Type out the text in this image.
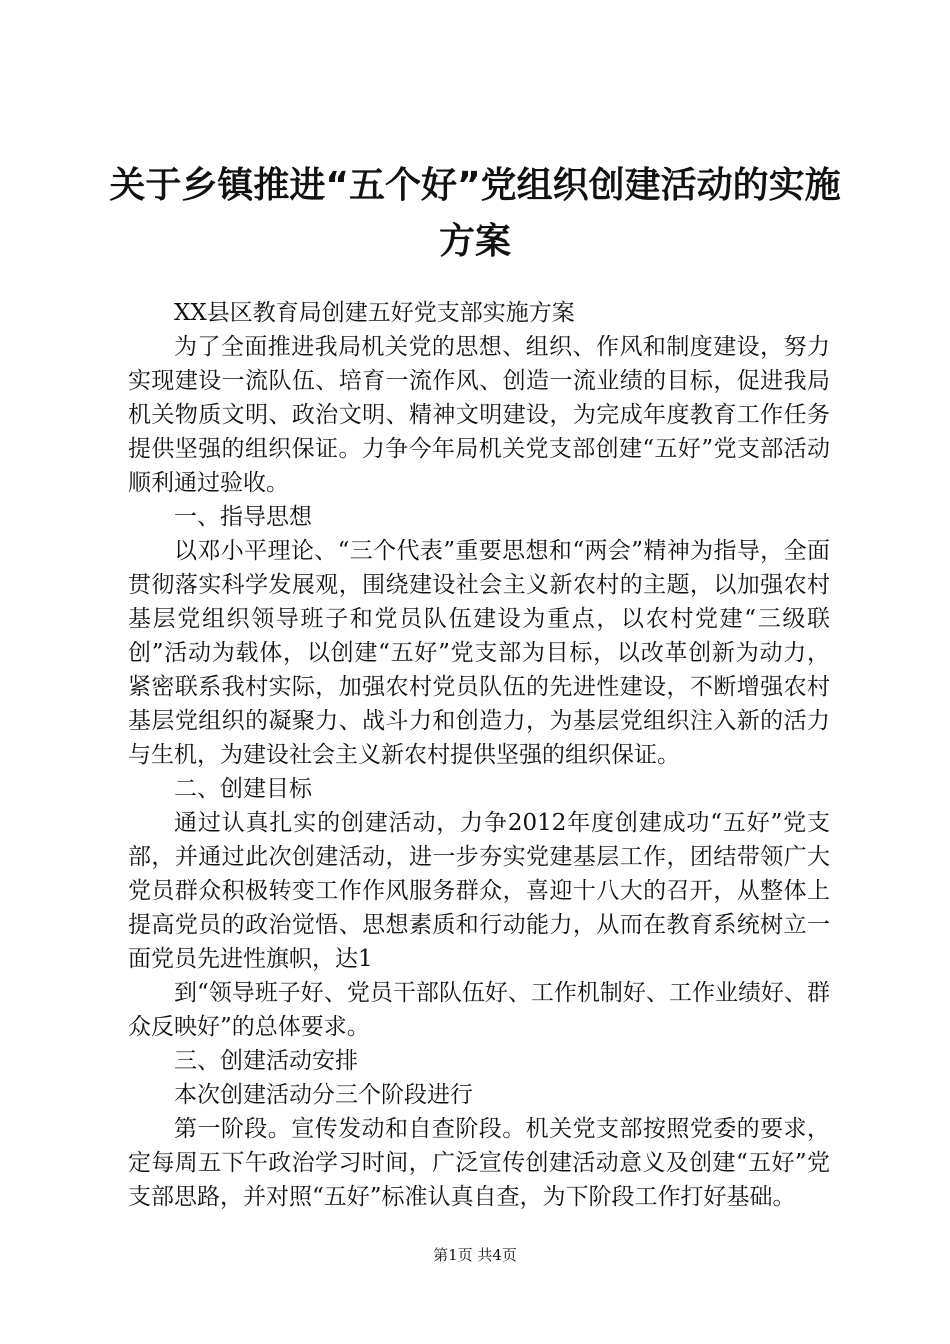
关于乡镇推进“五个好”党组织创建活动的实施方案

XX县区教育局创建五好党支部实施方案

为了全面推进我局机关党的思想、组织、作风和制度建设，努力实现建设一流队伍、培育一流作风、创造一流业绩的目标，促进我局机关物质文明、政治文明、精神文明建设，为完成年度教育工作任务提供坚强的组织保证。力争今年局机关党支部创建“五好”党支部活动顺利通过验收。

一、指导思想

以邓小平理论、“三个代表”重要思想和“两会”精神为指导，全面贯彻落实科学发展观，围绕建设社会主义新农村的主题，以加强农村基层党组织领导班子和党员队伍建设为重点，以农村党建“三级联创”活动为载体，以创建“五好”党支部为目标，以改革创新为动力，紧密联系我村实际，加强农村党员队伍的先进性建设，不断增强农村基层党组织的凝聚力、战斗力和创造力，为基层党组织注入新的活力与生机，为建设社会主义新农村提供坚强的组织保证。

二、创建目标

通过认真扎实的创建活动，力争2012年度创建成功“五好”党支部，并通过此次创建活动，进一步夯实党建基层工作，团结带领广大党员群众积极转变工作作风服务群众，喜迎十八大的召开，从整体上提高党员的政治觉悟、思想素质和行动能力，从而在教育系统树立一面党员先进性旗帜，达1

到“领导班子好、党员干部队伍好、工作机制好、工作业绩好、群众反映好”的总体要求。

三、创建活动安排

本次创建活动分三个阶段进行

第一阶段。宣传发动和自查阶段。机关党支部按照党委的要求，定每周五下午政治学习时间，广泛宣传创建活动意义及创建“五好”党支部思路，并对照“五好”标准认真自查，为下阶段工作打好基础。

第1页 共4页
